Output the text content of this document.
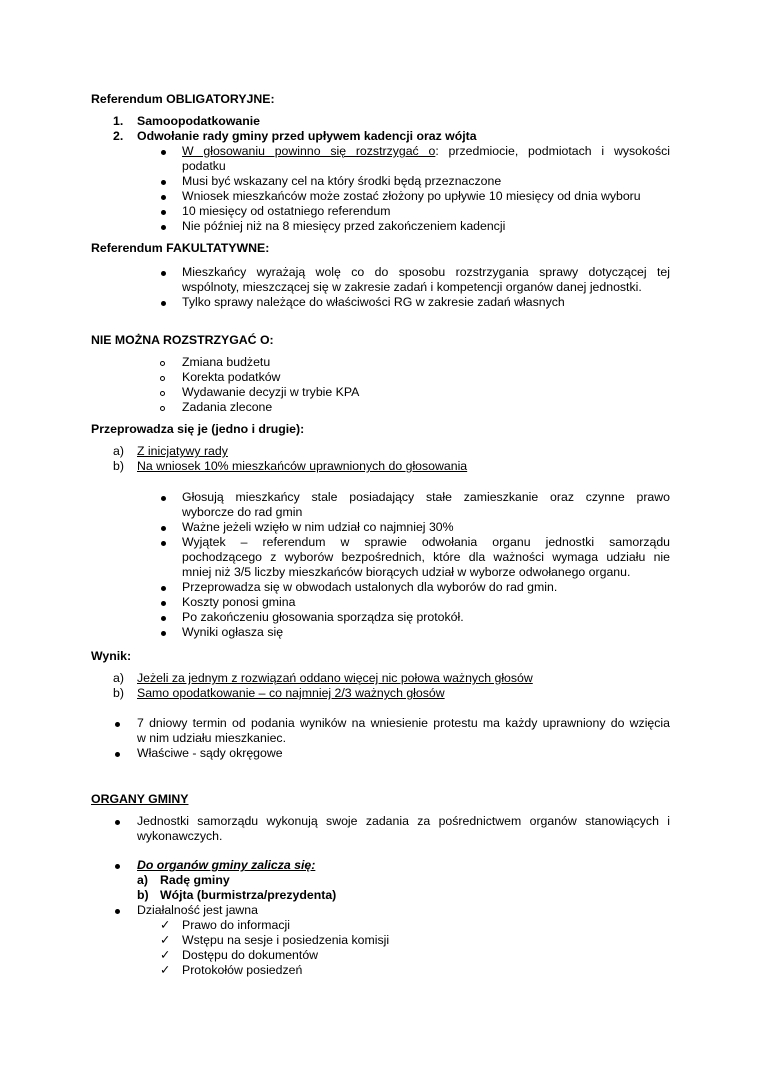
Referendum OBLIGATORYJNE:
1. Samoopodatkowanie
2. Odwołanie rady gminy przed upływem kadencji oraz wójta
W głosowaniu powinno się rozstrzygać o: przedmiocie, podmiotach i wysokości
podatku
Musi być wskazany cel na który środki będą przeznaczone
Wniosek mieszkańców może zostać złożony po upływie 10 miesięcy od dnia wyboru
10 miesięcy od ostatniego referendum
Nie później niż na 8 miesięcy przed zakończeniem kadencji
Referendum FAKULTATYWNE:
Mieszkańcy wyrażają wolę co do sposobu rozstrzygania sprawy dotyczącej tej
wspólnoty, mieszczącej się w zakresie zadań i kompetencji organów danej jednostki.
Tylko sprawy należące do właściwości RG w zakresie zadań własnych
NIE MOŻNA ROZSTRZYGAĆ O:
Zmiana budżetu
Korekta podatków
Wydawanie decyzji w trybie KPA
Zadania zlecone
Przeprowadza się je (jedno i drugie):
a) Z inicjatywy rady
b) Na wniosek 10% mieszkańców uprawnionych do głosowania
Głosują mieszkańcy stale posiadający stałe zamieszkanie oraz czynne prawo
wyborcze do rad gmin
Ważne jeżeli wzięło w nim udział co najmniej 30%
Wyjątek – referendum w sprawie odwołania organu jednostki samorządu
pochodzącego z wyborów bezpośrednich, które dla ważności wymaga udziału nie
mniej niż 3/5 liczby mieszkańców biorących udział w wyborze odwołanego organu.
Przeprowadza się w obwodach ustalonych dla wyborów do rad gmin.
Koszty ponosi gmina
Po zakończeniu głosowania sporządza się protokół.
Wyniki ogłasza się
Wynik:
a) Jeżeli za jednym z rozwiązań oddano więcej nic połowa ważnych głosów
b) Samo opodatkowanie – co najmniej 2/3 ważnych głosów
7 dniowy termin od podania wyników na wniesienie protestu ma każdy uprawniony do wzięcia
w nim udziału mieszkaniec.
Właściwe - sądy okręgowe
ORGANY GMINY
Jednostki samorządu wykonują swoje zadania za pośrednictwem organów stanowiących i
wykonawczych.
Do organów gminy zalicza się:
a) Radę gminy
b) Wójta (burmistrza/prezydenta)
Działalność jest jawna
✓ Prawo do informacji
✓ Wstępu na sesje i posiedzenia komisji
✓ Dostępu do dokumentów
✓ Protokołów posiedzeń
